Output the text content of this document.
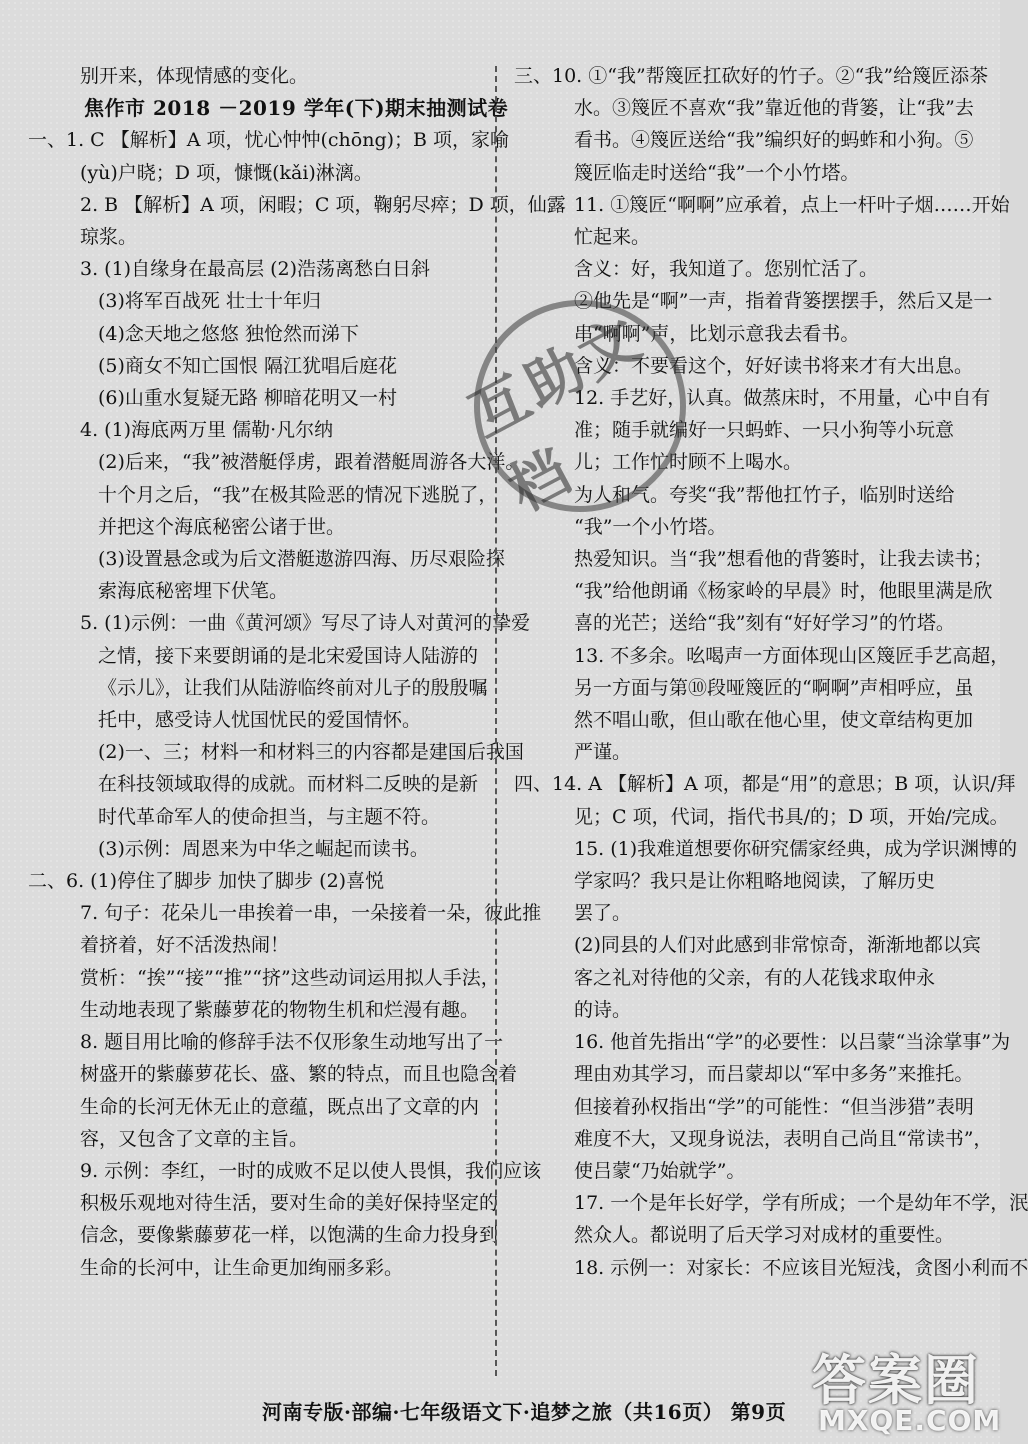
别开来，体现情感的变化。
焦作市 2018 －2019 学年(下)期末抽测试卷
一、1. C 【解析】A 项，忧心忡忡(chōng)；B 项，家喻
(yù)户晓；D 项，慷慨(kǎi)淋漓。
2. B 【解析】A 项，闲暇；C 项，鞠躬尽瘁；D 项，仙露
琼浆。
3. (1)自缘身在最高层 (2)浩荡离愁白日斜
(3)将军百战死 壮士十年归
(4)念天地之悠悠 独怆然而涕下
(5)商女不知亡国恨 隔江犹唱后庭花
(6)山重水复疑无路 柳暗花明又一村
4. (1)海底两万里 儒勒·凡尔纳
(2)后来，“我”被潜艇俘虏，跟着潜艇周游各大洋。
十个月之后，“我”在极其险恶的情况下逃脱了，
并把这个海底秘密公诸于世。
(3)设置悬念或为后文潜艇遨游四海、历尽艰险探
索海底秘密埋下伏笔。
5. (1)示例：一曲《黄河颂》写尽了诗人对黄河的挚爱
之情，接下来要朗诵的是北宋爱国诗人陆游的
《示儿》，让我们从陆游临终前对儿子的殷殷嘱
托中，感受诗人忧国忧民的爱国情怀。
(2)一、三；材料一和材料三的内容都是建国后我国
在科技领域取得的成就。而材料二反映的是新
时代革命军人的使命担当，与主题不符。
(3)示例：周恩来为中华之崛起而读书。
二、6. (1)停住了脚步 加快了脚步 (2)喜悦
7. 句子：花朵儿一串挨着一串，一朵接着一朵，彼此推
着挤着，好不活泼热闹！
赏析：“挨”“接”“推”“挤”这些动词运用拟人手法，
生动地表现了紫藤萝花的物物生机和烂漫有趣。
8. 题目用比喻的修辞手法不仅形象生动地写出了一
树盛开的紫藤萝花长、盛、繁的特点，而且也隐含着
生命的长河无休无止的意蕴，既点出了文章的内
容，又包含了文章的主旨。
9. 示例：李红，一时的成败不足以使人畏惧，我们应该
积极乐观地对待生活，要对生命的美好保持坚定的
信念，要像紫藤萝花一样，以饱满的生命力投身到
生命的长河中，让生命更加绚丽多彩。
三、10. ①“我”帮篾匠扛砍好的竹子。②“我”给篾匠添茶
水。③篾匠不喜欢“我”靠近他的背篓，让“我”去
看书。④篾匠送给“我”编织好的蚂蚱和小狗。⑤
篾匠临走时送给“我”一个小竹塔。
11. ①篾匠“啊啊”应承着，点上一杆叶子烟……开始
忙起来。
含义：好，我知道了。您别忙活了。
②他先是“啊”一声，指着背篓摆摆手，然后又是一
串“啊啊”声，比划示意我去看书。
含义：不要看这个，好好读书将来才有大出息。
12. 手艺好，认真。做蒸床时，不用量，心中自有
准；随手就编好一只蚂蚱、一只小狗等小玩意
儿；工作忙时顾不上喝水。
为人和气。夸奖“我”帮他扛竹子，临别时送给
“我”一个小竹塔。
热爱知识。当“我”想看他的背篓时，让我去读书；
“我”给他朗诵《杨家岭的早晨》时，他眼里满是欣
喜的光芒；送给“我”刻有“好好学习”的竹塔。
13. 不多余。吆喝声一方面体现山区篾匠手艺高超，
另一方面与第⑩段哑篾匠的“啊啊”声相呼应，虽
然不唱山歌，但山歌在他心里，使文章结构更加
严谨。
四、14. A 【解析】A 项，都是“用”的意思；B 项，认识/拜
见；C 项，代词，指代书具/的；D 项，开始/完成。
15. (1)我难道想要你研究儒家经典，成为学识渊博的
学家吗？我只是让你粗略地阅读，了解历史
罢了。
(2)同县的人们对此感到非常惊奇，渐渐地都以宾
客之礼对待他的父亲，有的人花钱求取仲永
的诗。
16. 他首先指出“学”的必要性：以吕蒙“当涂掌事”为
理由劝其学习，而吕蒙却以“军中多务”来推托。
但接着孙权指出“学”的可能性：“但当涉猎”表明
难度不大，又现身说法，表明自己尚且“常读书”，
使吕蒙“乃始就学”。
17. 一个是年长好学，学有所成；一个是幼年不学，泯
然众人。都说明了后天学习对成材的重要性。
18. 示例一：对家长：不应该目光短浅，贪图小利而不
互助文档
河南专版·部编·七年级语文下·追梦之旅（共16页） 第9页 答案圈
MXQE.COM
